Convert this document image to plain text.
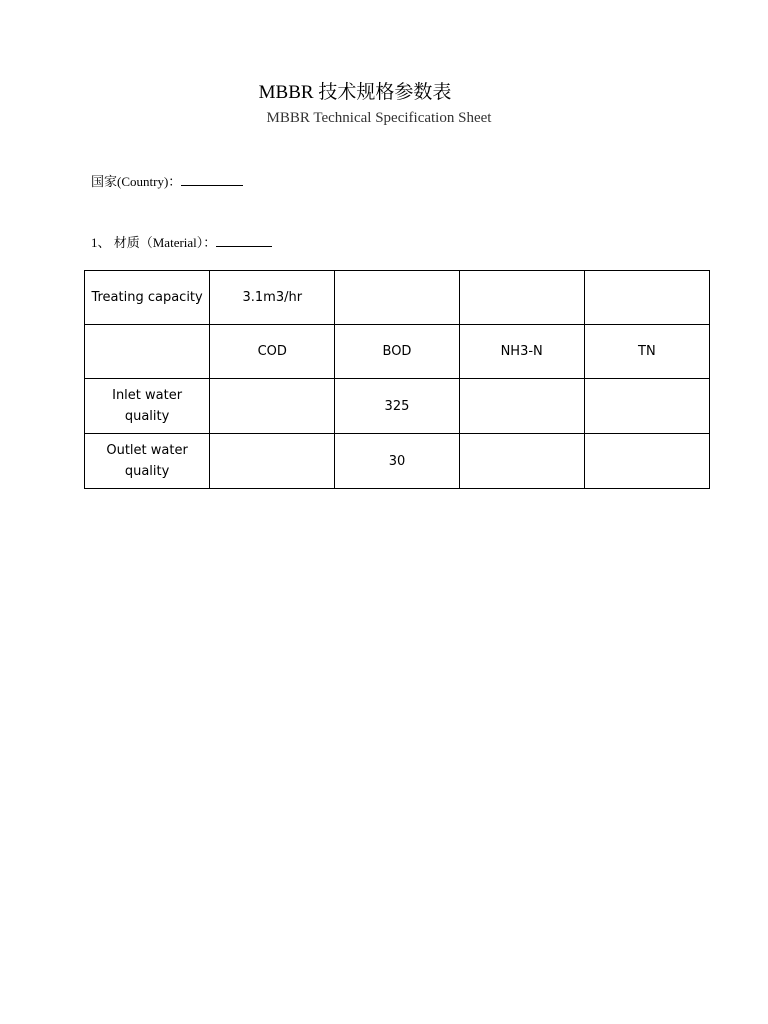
MBBR 技术规格参数表
MBBR Technical Specification Sheet
国家(Country)：
1、 材质（Material）：
Treating capacity	3.1m3/hr			
	COD	BOD	NH3-N	TN
Inlet water quality		325		
Outlet water quality		30		
